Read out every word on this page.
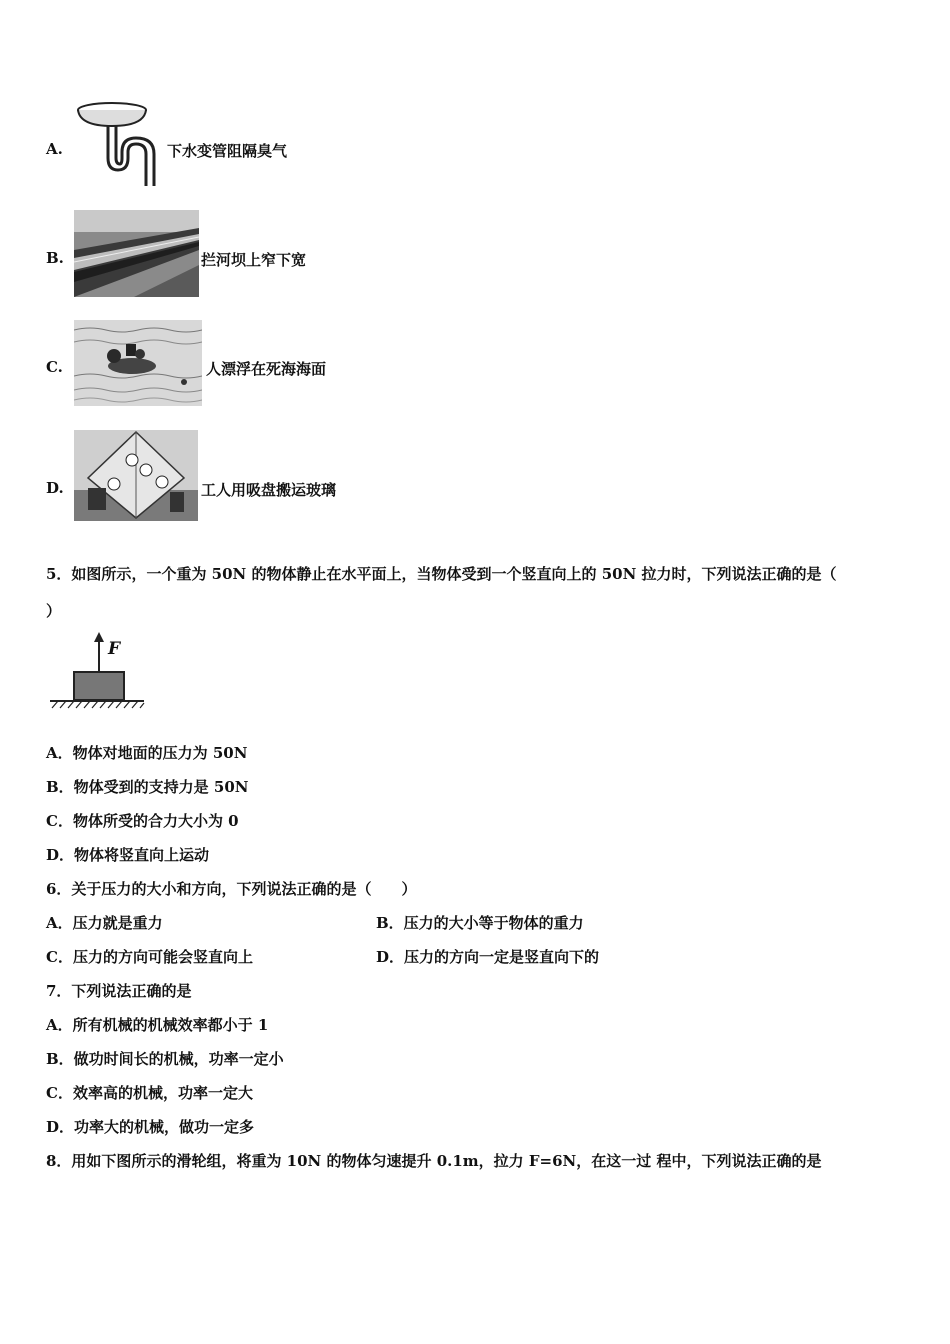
A.	下水变管阻隔臭气
B.	拦河坝上窄下宽
C.	人漂浮在死海海面
D.	工人用吸盘搬运玻璃
5．如图所示，一个重为 50N 的物体静止在水平面上，当物体受到一个竖直向上的 50N 拉力时，下列说法正确的是（
）
F
A．物体对地面的压力为 50N
B．物体受到的支持力是 50N
C．物体所受的合力大小为 0
D．物体将竖直向上运动
6．关于压力的大小和方向，下列说法正确的是（　　）
A．压力就是重力	B．压力的大小等于物体的重力
C．压力的方向可能会竖直向上	D．压力的方向一定是竖直向下的
7．下列说法正确的是
A．所有机械的机械效率都小于 1
B．做功时间长的机械，功率一定小
C．效率高的机械，功率一定大
D．功率大的机械，做功一定多
8．用如下图所示的滑轮组，将重为 10N 的物体匀速提升 0.1m，拉力 F=6N，在这一过 程中，下列说法正确的是
